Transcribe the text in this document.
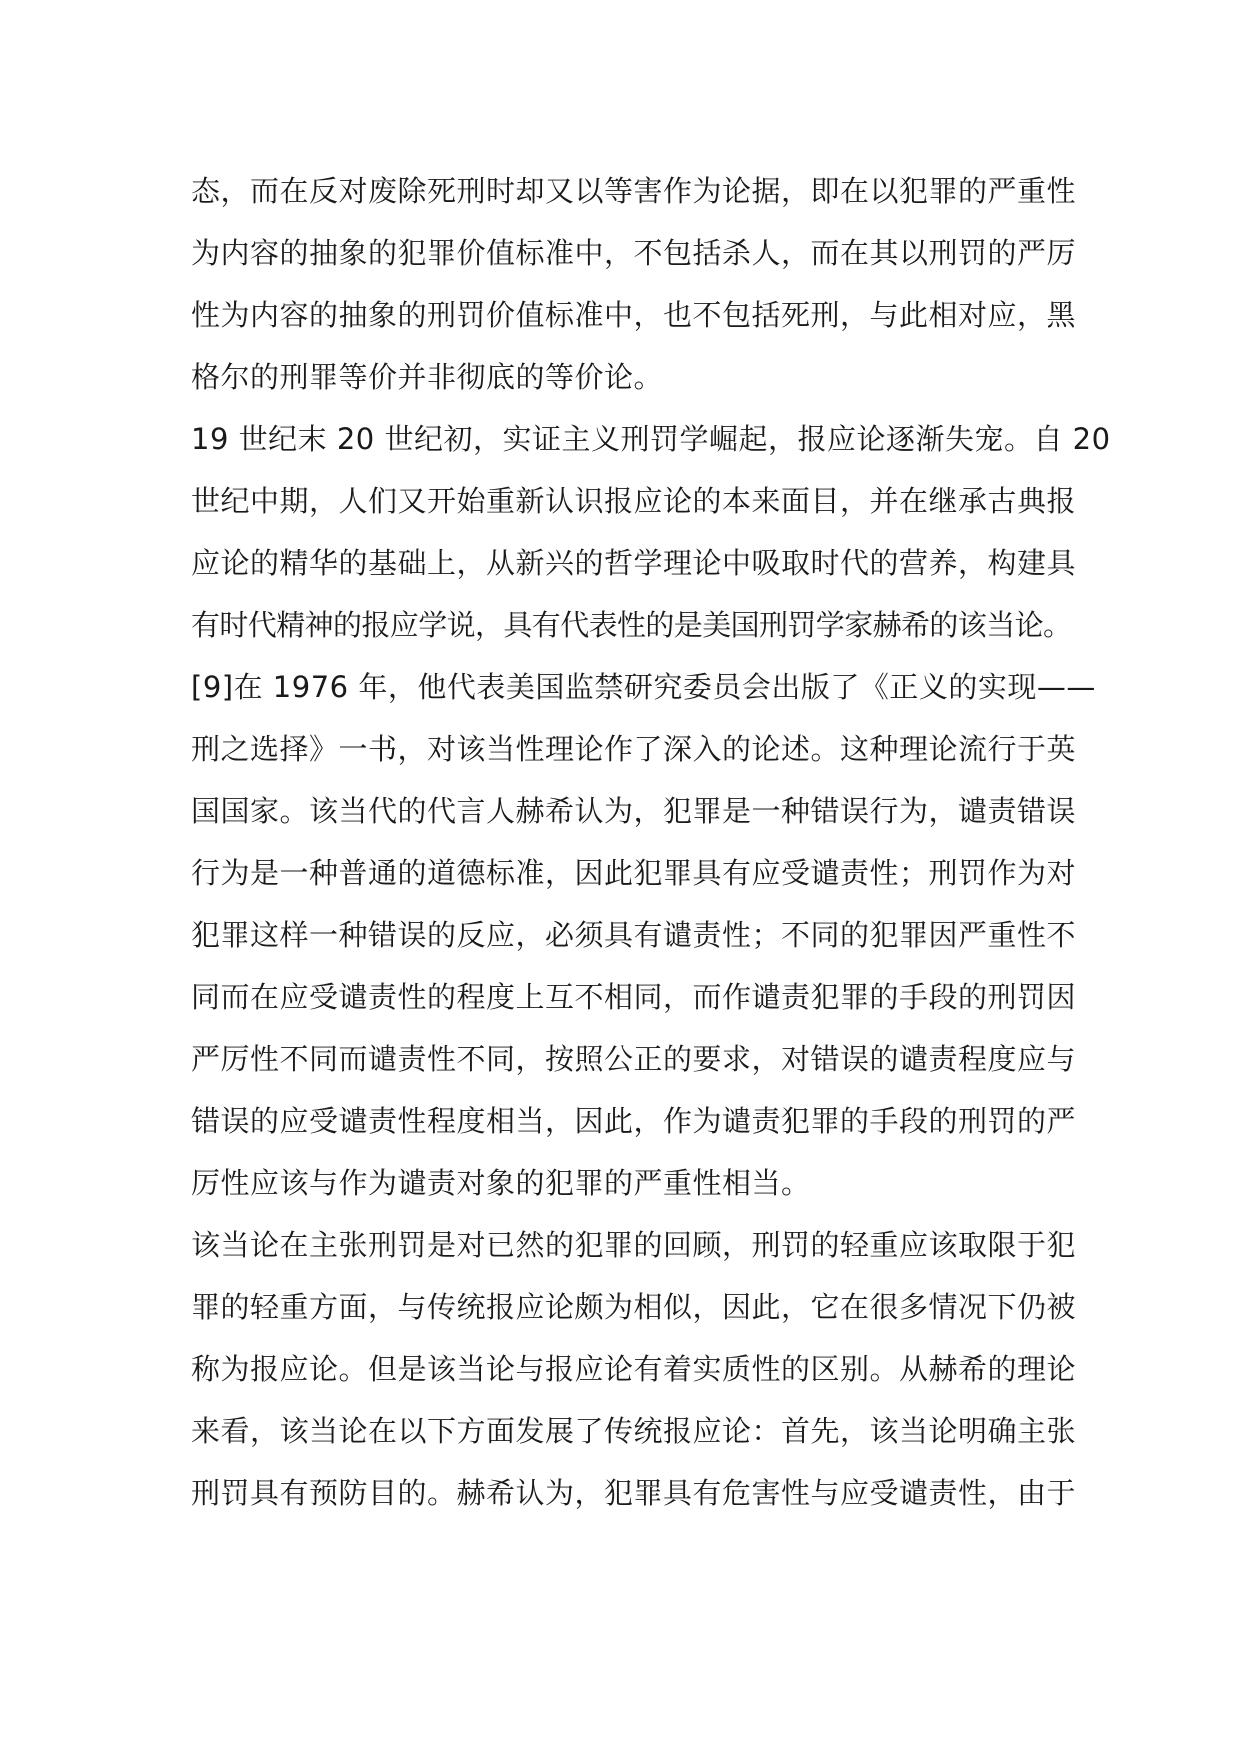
态，而在反对废除死刑时却又以等害作为论据，即在以犯罪的严重性
为内容的抽象的犯罪价值标准中，不包括杀人，而在其以刑罚的严厉
性为内容的抽象的刑罚价值标准中，也不包括死刑，与此相对应，黑
格尔的刑罪等价并非彻底的等价论。
19 世纪末 20 世纪初，实证主义刑罚学崛起，报应论逐渐失宠。自 20
世纪中期，人们又开始重新认识报应论的本来面目，并在继承古典报
应论的精华的基础上，从新兴的哲学理论中吸取时代的营养，构建具
有时代精神的报应学说，具有代表性的是美国刑罚学家赫希的该当论。
[9]在 1976 年，他代表美国监禁研究委员会出版了《正义的实现——
刑之选择》一书，对该当性理论作了深入的论述。这种理论流行于英
国国家。该当代的代言人赫希认为，犯罪是一种错误行为，谴责错误
行为是一种普通的道德标准，因此犯罪具有应受谴责性；刑罚作为对
犯罪这样一种错误的反应，必须具有谴责性；不同的犯罪因严重性不
同而在应受谴责性的程度上互不相同，而作谴责犯罪的手段的刑罚因
严厉性不同而谴责性不同，按照公正的要求，对错误的谴责程度应与
错误的应受谴责性程度相当，因此，作为谴责犯罪的手段的刑罚的严
厉性应该与作为谴责对象的犯罪的严重性相当。
该当论在主张刑罚是对已然的犯罪的回顾，刑罚的轻重应该取限于犯
罪的轻重方面，与传统报应论颇为相似，因此，它在很多情况下仍被
称为报应论。但是该当论与报应论有着实质性的区别。从赫希的理论
来看，该当论在以下方面发展了传统报应论：首先，该当论明确主张
刑罚具有预防目的。赫希认为，犯罪具有危害性与应受谴责性，由于
